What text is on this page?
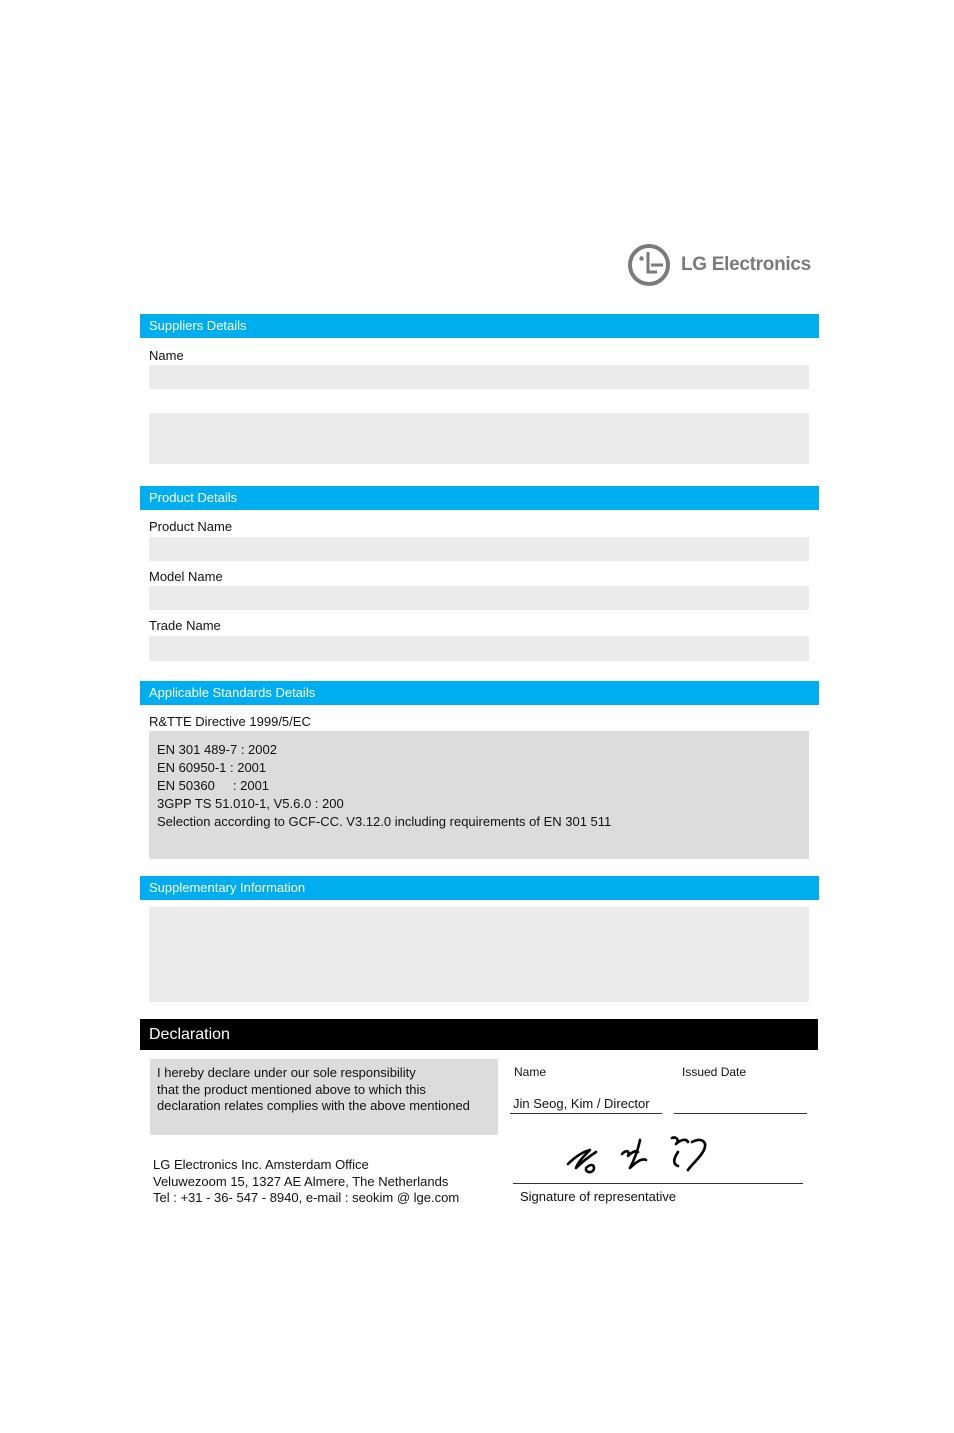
LG Electronics
Suppliers Details
Name
Product Details
Product Name
Model Name
Trade Name
Applicable Standards Details
R&TTE Directive 1999/5/EC
EN 301 489-7 : 2002
EN 60950-1 : 2001
EN 50360     : 2001
3GPP TS 51.010-1, V5.6.0 : 200
Selection according to GCF-CC. V3.12.0 including requirements of EN 301 511
Supplementary Information
Declaration
I hereby declare under our sole responsibility
that the product mentioned above to which this
declaration relates complies with the above mentioned
LG Electronics Inc. Amsterdam Office
Veluwezoom 15, 1327 AE Almere, The Netherlands
Tel : +31 - 36- 547 - 8940, e-mail : seokim @ lge.com
Name	Issued Date
Jin Seog, Kim / Director
Signature of representative
